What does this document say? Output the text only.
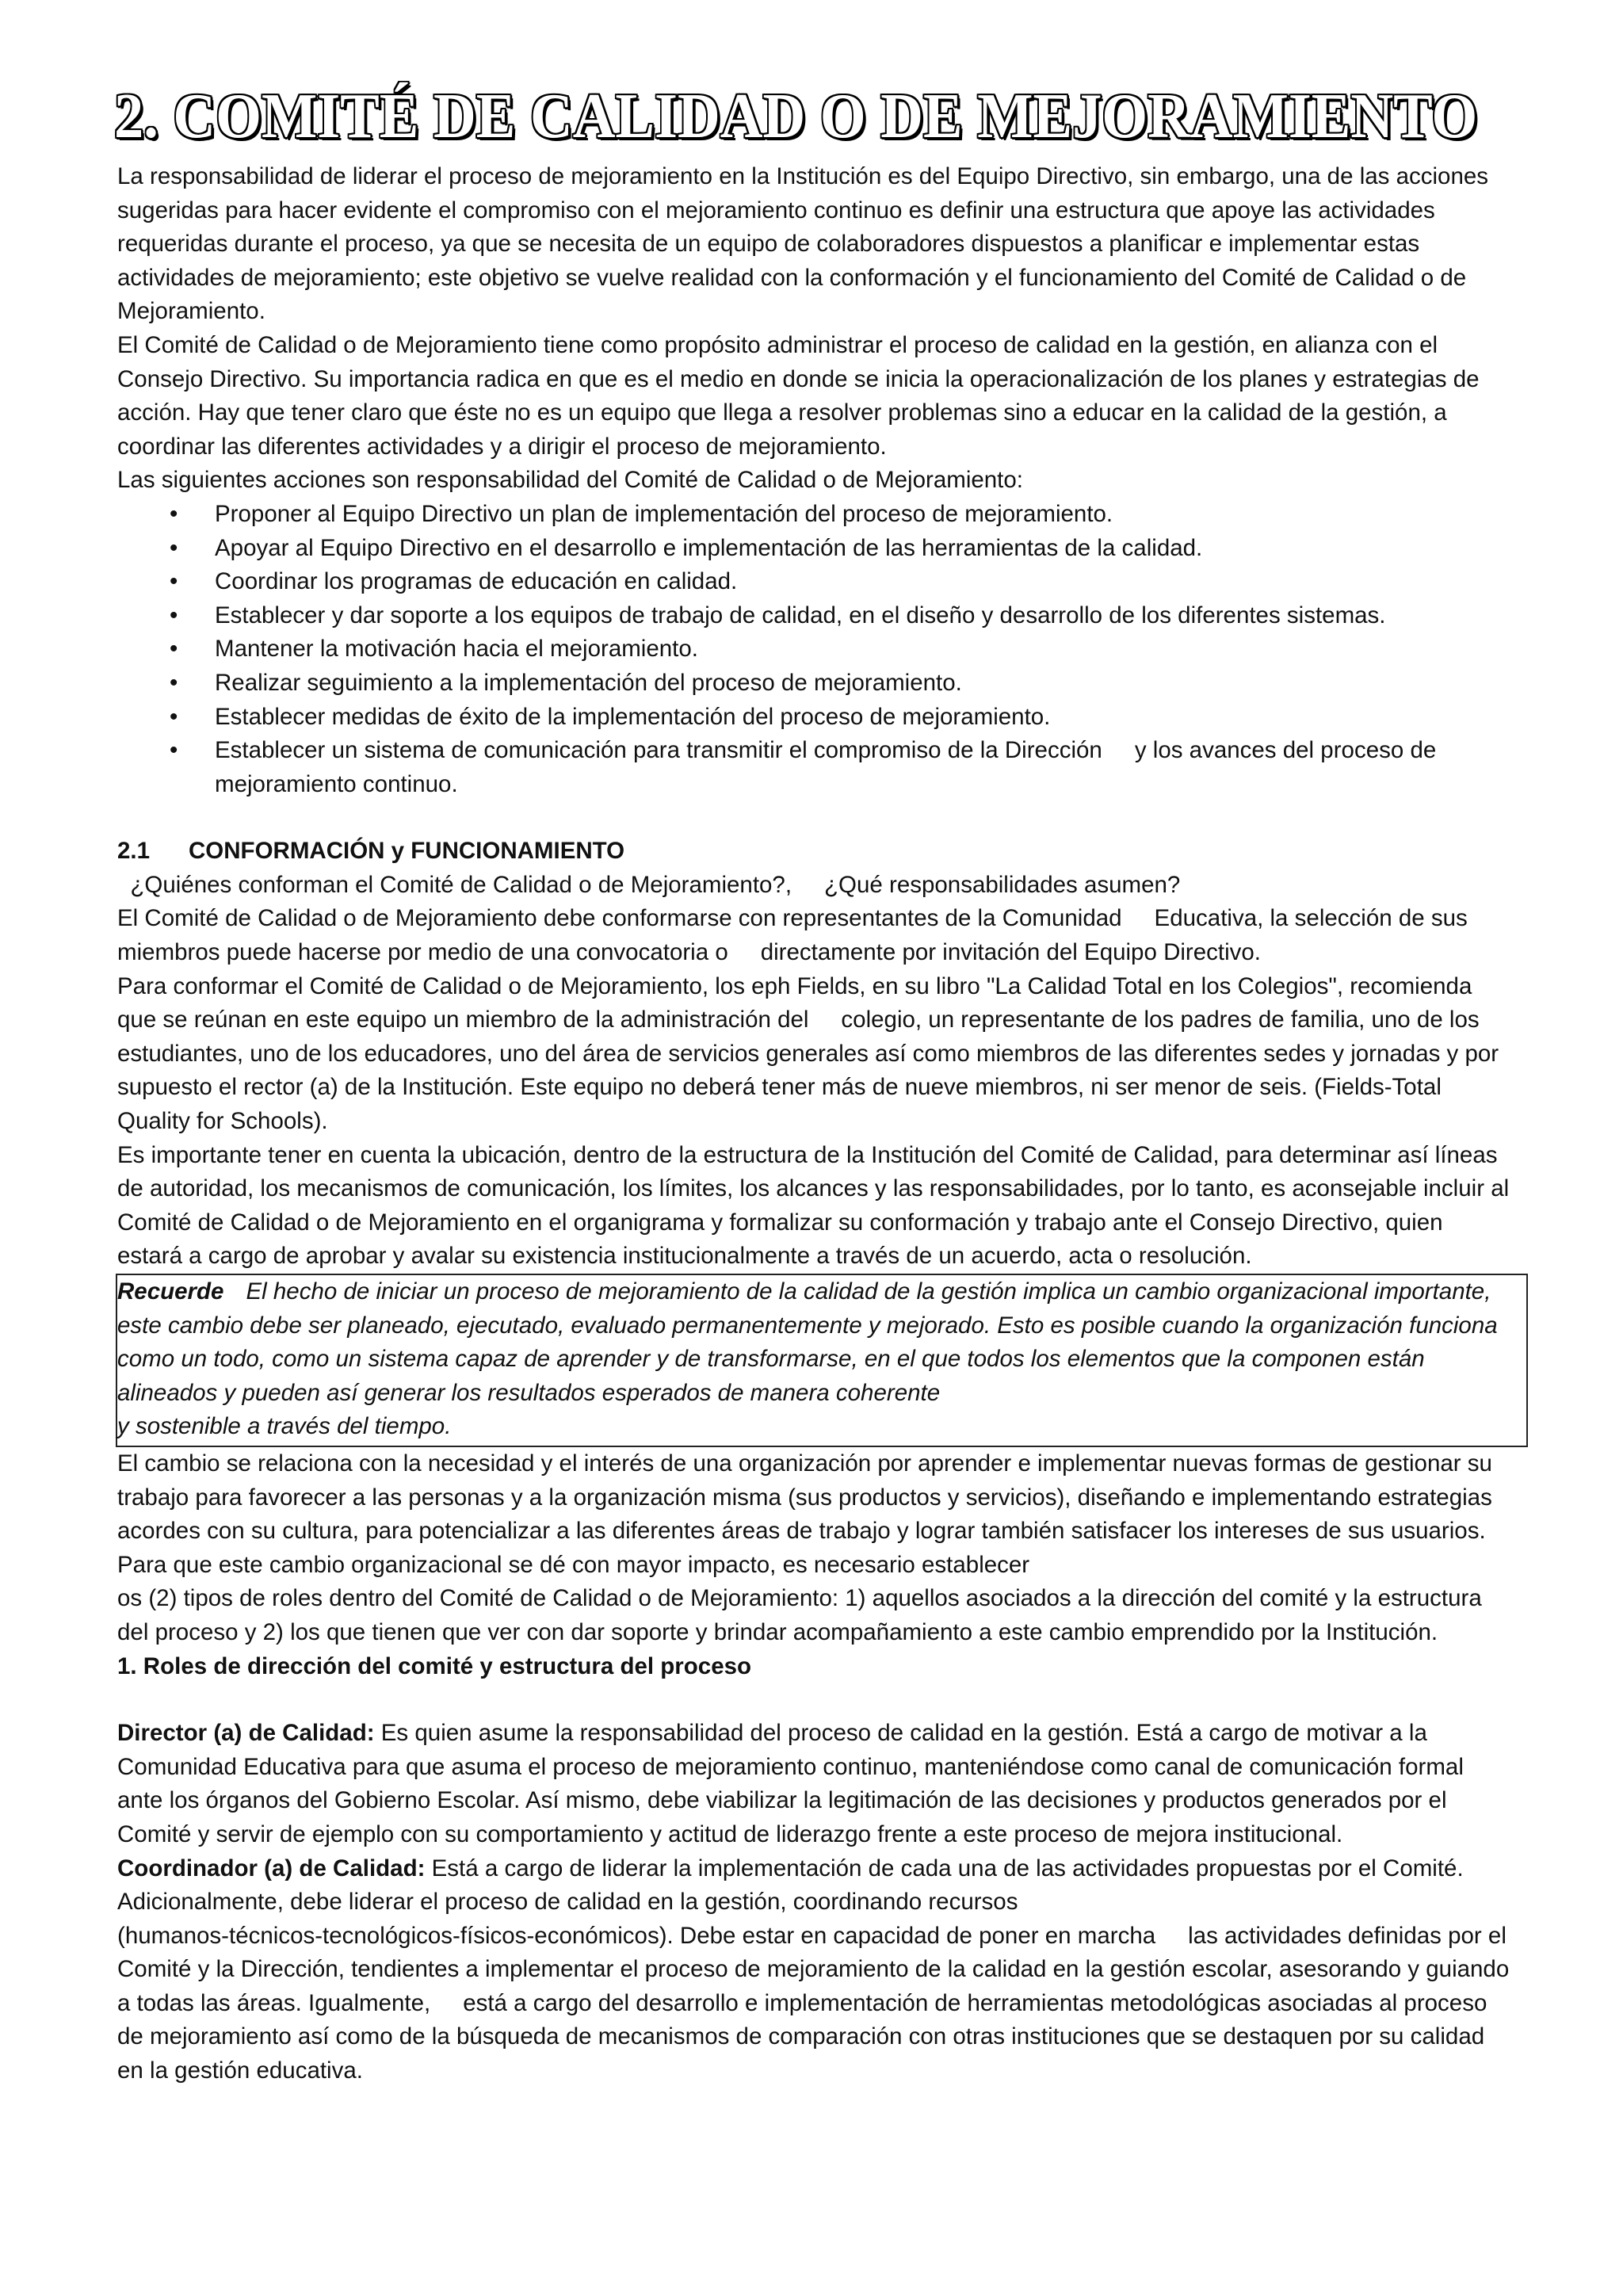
2. COMITÉ DE CALIDAD O DE MEJORAMIENTO

La responsabilidad de liderar el proceso de mejoramiento en la Institución es del Equipo Directivo, sin embargo, una de las acciones sugeridas para hacer evidente el compromiso con el mejoramiento continuo es definir una estructura que apoye las actividades requeridas durante el proceso, ya que se necesita de un equipo de colaboradores dispuestos a planificar e implementar estas actividades de mejoramiento; este objetivo se vuelve realidad con la conformación y el funcionamiento del Comité de Calidad o de Mejoramiento.

El Comité de Calidad o de Mejoramiento tiene como propósito administrar el proceso de calidad en la gestión, en alianza con el Consejo Directivo. Su importancia radica en que es el medio en donde se inicia la operacionalización de los planes y estrategias de acción. Hay que tener claro que éste no es un equipo que llega a resolver problemas sino a educar en la calidad de la gestión, a coordinar las diferentes actividades y a dirigir el proceso de mejoramiento.

Las siguientes acciones son responsabilidad del Comité de Calidad o de Mejoramiento:

• Proponer al Equipo Directivo un plan de implementación del proceso de mejoramiento.
• Apoyar al Equipo Directivo en el desarrollo e implementación de las herramientas de la calidad.
• Coordinar los programas de educación en calidad.
• Establecer y dar soporte a los equipos de trabajo de calidad, en el diseño y desarrollo de los diferentes sistemas.
• Mantener la motivación hacia el mejoramiento.
• Realizar seguimiento a la implementación del proceso de mejoramiento.
• Establecer medidas de éxito de la implementación del proceso de mejoramiento.
• Establecer un sistema de comunicación para transmitir el compromiso de la Dirección     y los avances del proceso de mejoramiento continuo.

2.1 CONFORMACIÓN y FUNCIONAMIENTO

¿Quiénes conforman el Comité de Calidad o de Mejoramiento?,     ¿Qué responsabilidades asumen?

El Comité de Calidad o de Mejoramiento debe conformarse con representantes de la Comunidad     Educativa, la selección de sus miembros puede hacerse por medio de una convocatoria o     directamente por invitación del Equipo Directivo.

Para conformar el Comité de Calidad o de Mejoramiento, los eph Fields, en su libro "La Calidad Total en los Colegios", recomienda que se reúnan en este equipo un miembro de la administración del     colegio, un representante de los padres de familia, uno de los estudiantes, uno de los educadores, uno del área de servicios generales así como miembros de las diferentes sedes y jornadas y por supuesto el rector (a) de la Institución. Este equipo no deberá tener más de nueve miembros, ni ser menor de seis. (Fields-Total Quality for Schools).

Es importante tener en cuenta la ubicación, dentro de la estructura de la Institución del Comité de Calidad, para determinar así líneas de autoridad, los mecanismos de comunicación, los límites, los alcances y las responsabilidades, por lo tanto, es aconsejable incluir al Comité de Calidad o de Mejoramiento en el organigrama y formalizar su conformación y trabajo ante el Consejo Directivo, quien estará a cargo de aprobar y avalar su existencia institucionalmente a través de un acuerdo, acta o resolución.

Recuerde El hecho de iniciar un proceso de mejoramiento de la calidad de la gestión implica un cambio organizacional importante, este cambio debe ser planeado, ejecutado, evaluado permanentemente y mejorado. Esto es posible cuando la organización funciona como un todo, como un sistema capaz de aprender y de transformarse, en el que todos los elementos que la componen están alineados y pueden así generar los resultados esperados de manera coherente
y sostenible a través del tiempo.

El cambio se relaciona con la necesidad y el interés de una organización por aprender e implementar nuevas formas de gestionar su trabajo para favorecer a las personas y a la organización misma (sus productos y servicios), diseñando e implementando estrategias acordes con su cultura, para potencializar a las diferentes áreas de trabajo y lograr también satisfacer los intereses de sus usuarios. Para que este cambio organizacional se dé con mayor impacto, es necesario establecer

os (2) tipos de roles dentro del Comité de Calidad o de Mejoramiento: 1) aquellos asociados a la dirección del comité y la estructura del proceso y 2) los que tienen que ver con dar soporte y brindar acompañamiento a este cambio emprendido por la Institución.

1. Roles de dirección del comité y estructura del proceso

Director (a) de Calidad: Es quien asume la responsabilidad del proceso de calidad en la gestión. Está a cargo de motivar a la Comunidad Educativa para que asuma el proceso de mejoramiento continuo, manteniéndose como canal de comunicación formal ante los órganos del Gobierno Escolar. Así mismo, debe viabilizar la legitimación de las decisiones y productos generados por el Comité y servir de ejemplo con su comportamiento y actitud de liderazgo frente a este proceso de mejora institucional.

Coordinador (a) de Calidad: Está a cargo de liderar la implementación de cada una de las actividades propuestas por el Comité. Adicionalmente, debe liderar el proceso de calidad en la gestión, coordinando recursos
(humanos-técnicos-tecnológicos-físicos-económicos). Debe estar en capacidad de poner en marcha     las actividades definidas por el Comité y la Dirección, tendientes a implementar el proceso de mejoramiento de la calidad en la gestión escolar, asesorando y guiando a todas las áreas. Igualmente,     está a cargo del desarrollo e implementación de herramientas metodológicas asociadas al proceso de mejoramiento así como de la búsqueda de mecanismos de comparación con otras instituciones que se destaquen por su calidad en la gestión educativa.
